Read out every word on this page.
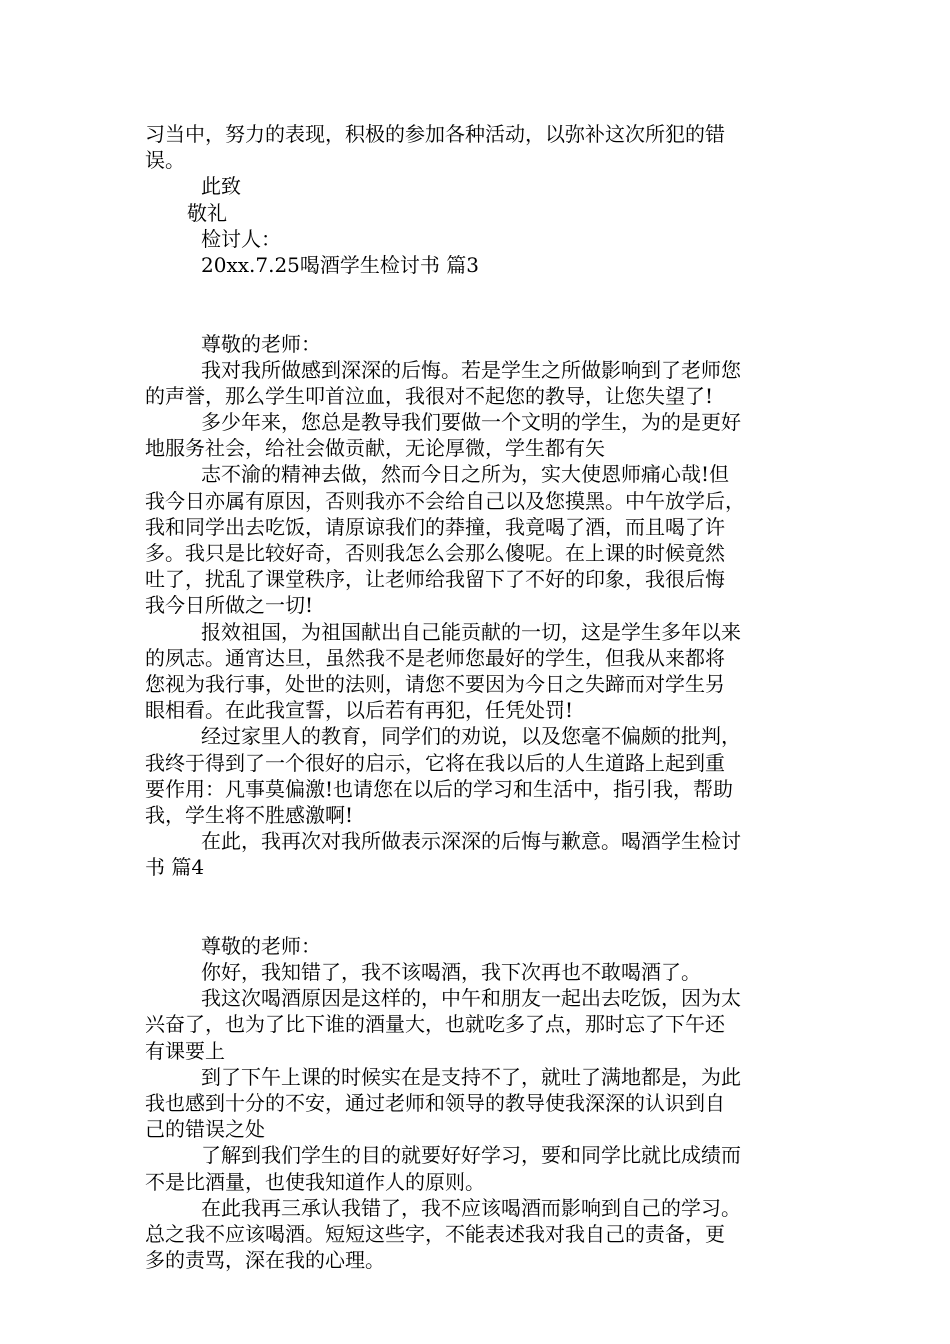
习当中，努力的表现，积极的参加各种活动，以弥补这次所犯的错
误。
此致
敬礼
检讨人：
20xx.7.25喝酒学生检讨书 篇3
尊敬的老师：
我对我所做感到深深的后悔。若是学生之所做影响到了老师您
的声誉，那么学生叩首泣血，我很对不起您的教导，让您失望了!
多少年来，您总是教导我们要做一个文明的学生，为的是更好
地服务社会，给社会做贡献，无论厚微，学生都有矢
志不渝的精神去做，然而今日之所为，实大使恩师痛心哉!但
我今日亦属有原因，否则我亦不会给自己以及您摸黑。中午放学后，
我和同学出去吃饭，请原谅我们的莽撞，我竟喝了酒，而且喝了许
多。我只是比较好奇，否则我怎么会那么傻呢。在上课的时候竟然
吐了，扰乱了课堂秩序，让老师给我留下了不好的印象，我很后悔
我今日所做之一切!
报效祖国，为祖国献出自己能贡献的一切，这是学生多年以来
的夙志。通宵达旦，虽然我不是老师您最好的学生，但我从来都将
您视为我行事，处世的法则，请您不要因为今日之失蹄而对学生另
眼相看。在此我宣誓，以后若有再犯，任凭处罚!
经过家里人的教育，同学们的劝说，以及您毫不偏颇的批判，
我终于得到了一个很好的启示，它将在我以后的人生道路上起到重
要作用：凡事莫偏激!也请您在以后的学习和生活中，指引我，帮助
我，学生将不胜感激啊!
在此，我再次对我所做表示深深的后悔与歉意。喝酒学生检讨
书 篇4
尊敬的老师：
你好，我知错了，我不该喝酒，我下次再也不敢喝酒了。
我这次喝酒原因是这样的，中午和朋友一起出去吃饭，因为太
兴奋了，也为了比下谁的酒量大，也就吃多了点，那时忘了下午还
有课要上
到了下午上课的时候实在是支持不了，就吐了满地都是，为此
我也感到十分的不安，通过老师和领导的教导使我深深的认识到自
己的错误之处
了解到我们学生的目的就要好好学习，要和同学比就比成绩而
不是比酒量，也使我知道作人的原则。
在此我再三承认我错了，我不应该喝酒而影响到自己的学习。
总之我不应该喝酒。短短这些字，不能表述我对我自己的责备，更
多的责骂，深在我的心理。
